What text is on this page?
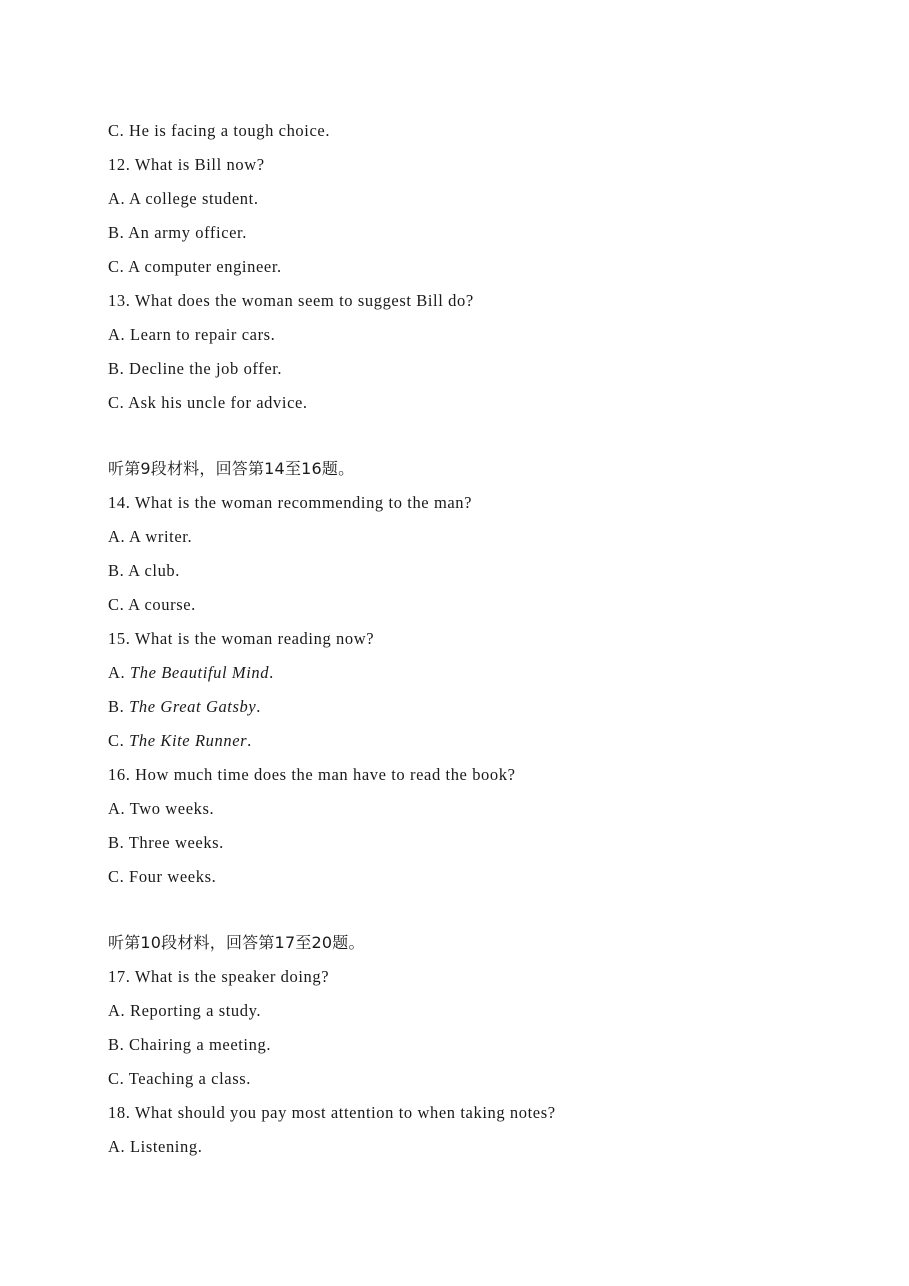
C. He is facing a tough choice.
12. What is Bill now?
A. A college student.
B. An army officer.
C. A computer engineer.
13. What does the woman seem to suggest Bill do?
A. Learn to repair cars.
B. Decline the job offer.
C. Ask his uncle for advice.
听第9段材料，回答第14至16题。
14. What is the woman recommending to the man?
A. A writer.
B. A club.
C. A course.
15. What is the woman reading now?
A. The Beautiful Mind.
B. The Great Gatsby.
C. The Kite Runner.
16. How much time does the man have to read the book?
A. Two weeks.
B. Three weeks.
C. Four weeks.
听第10段材料，回答第17至20题。
17. What is the speaker doing?
A. Reporting a study.
B. Chairing a meeting.
C. Teaching a class.
18. What should you pay most attention to when taking notes?
A. Listening.
